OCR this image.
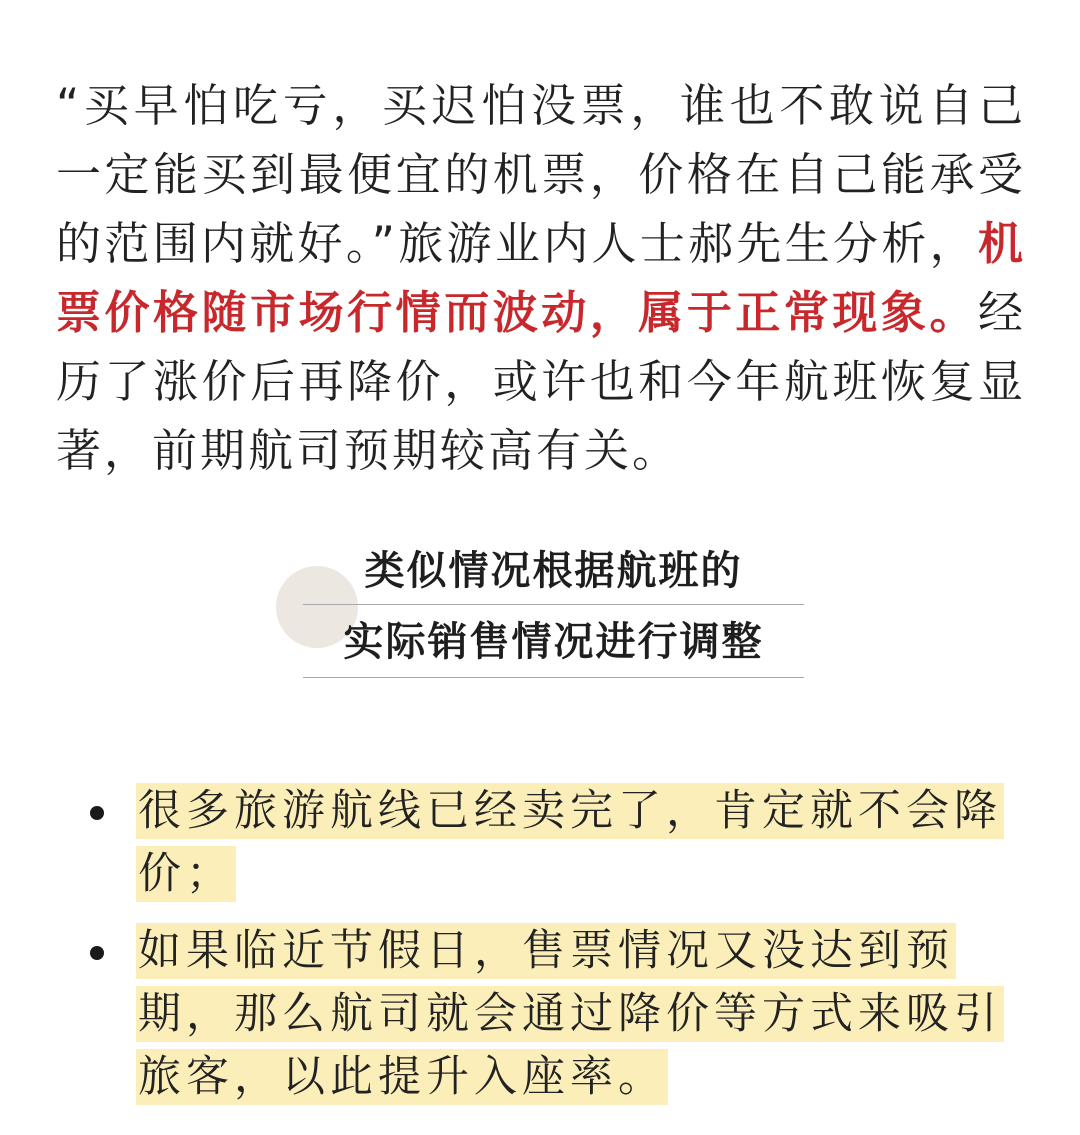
“买早怕吃亏，买迟怕没票，谁也不敢说自己一定能买到最便宜的机票，价格在自己能承受的范围内就好。”旅游业内人士郝先生分析，机票价格随市场行情而波动，属于正常现象。经历了涨价后再降价，或许也和今年航班恢复显著，前期航司预期较高有关。

类似情况根据航班的
实际销售情况进行调整
很多旅游航线已经卖完了，肯定就不会降
价；
如果临近节假日，售票情况又没达到预
期，那么航司就会通过降价等方式来吸引
旅客，以此提升入座率。
